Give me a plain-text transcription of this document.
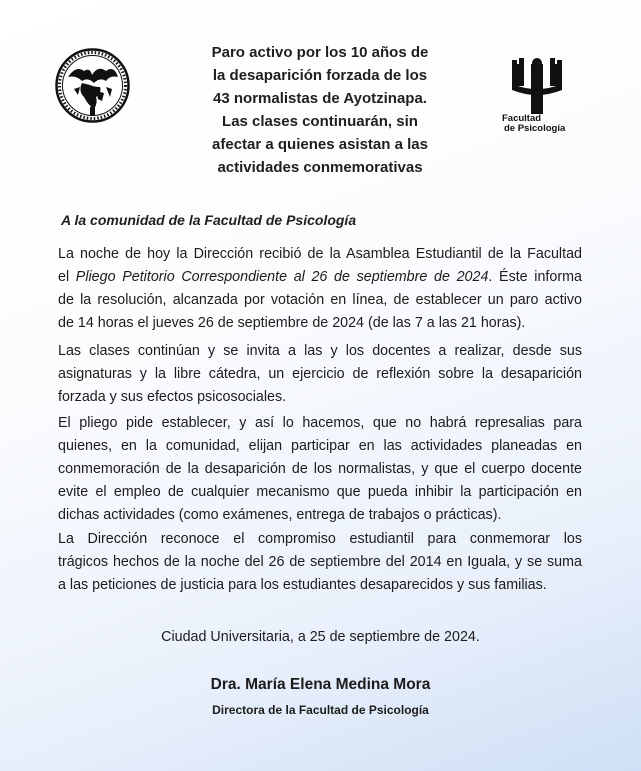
Paro activo por los 10 años de
la desaparición forzada de los
43 normalistas de Ayotzinapa.
Las clases continuarán, sin
afectar a quienes asistan a las
actividades conmemorativas
Facultad
de Psicología
A la comunidad de la Facultad de Psicología
La noche de hoy la Dirección recibió de la Asamblea Estudiantil de la Facultad
el Pliego Petitorio Correspondiente al 26 de septiembre de 2024. Éste informa
de la resolución, alcanzada por votación en línea, de establecer un paro activo
de 14 horas el jueves 26 de septiembre de 2024 (de las 7 a las 21 horas).
Las clases continúan y se invita a las y los docentes a realizar, desde sus
asignaturas y la libre cátedra, un ejercicio de reflexión sobre la desaparición
forzada y sus efectos psicosociales.
El pliego pide establecer, y así lo hacemos, que no habrá represalias para
quienes, en la comunidad, elijan participar en las actividades planeadas en
conmemoración de la desaparición de los normalistas, y que el cuerpo docente
evite el empleo de cualquier mecanismo que pueda inhibir la participación en
dichas actividades (como exámenes, entrega de trabajos o prácticas).
La Dirección reconoce el compromiso estudiantil para conmemorar los
trágicos hechos de la noche del 26 de septiembre del 2014 en Iguala, y se suma
a las peticiones de justicia para los estudiantes desaparecidos y sus familias.
Ciudad Universitaria, a 25 de septiembre de 2024.
Dra. María Elena Medina Mora
Directora de la Facultad de Psicología
